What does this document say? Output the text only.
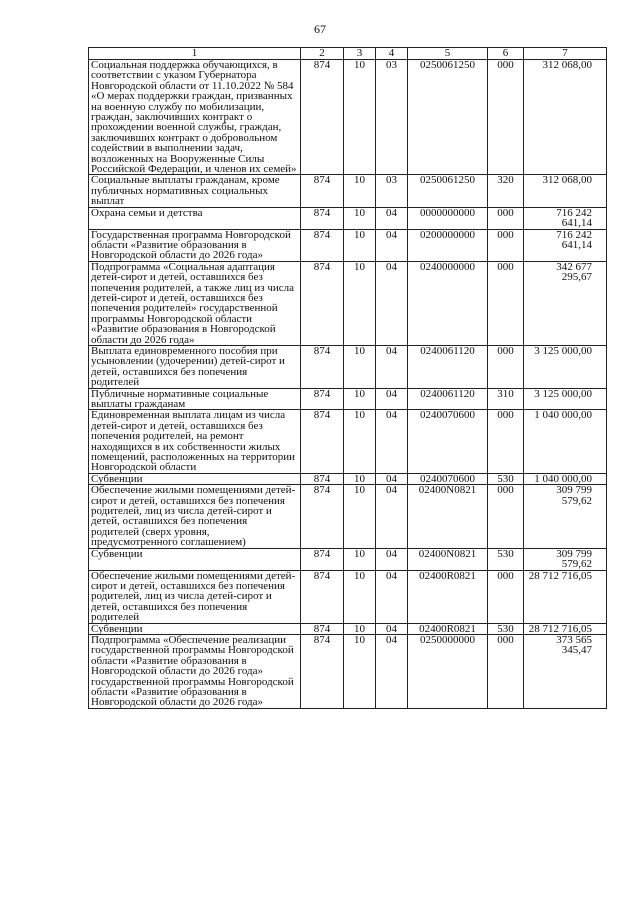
67
1	2	3	4	5	6	7
Социальная поддержка обучающихся, в соответствии с указом Губернатора Новгородской области от 11.10.2022 № 584 «О мерах поддержки граждан, призванных на военную службу по мобилизации, граждан, заключивших контракт о прохождении военной службы, граждан, заключивших контракт о добровольном содействии в выполнении задач, возложенных на Вооруженные Силы Российской Федерации, и членов их семей»	874	10	03	0250061250	000	312 068,00
Социальные выплаты гражданам, кроме публичных нормативных социальных выплат	874	10	03	0250061250	320	312 068,00
Охрана семьи и детства	874	10	04	0000000000	000	716 242 641,14
Государственная программа Новгородской области «Развитие образования в Новгородской области до 2026 года»	874	10	04	0200000000	000	716 242 641,14
Подпрограмма «Социальная адаптация детей-сирот и детей, оставшихся без попечения родителей, а также лиц из числа детей-сирот и детей, оставшихся без попечения родителей» государственной программы Новгородской области «Развитие образования в Новгородской области до 2026 года»	874	10	04	0240000000	000	342 677 295,67
Выплата единовременного пособия при усыновлении (удочерении) детей-сирот и детей, оставшихся без попечения родителей	874	10	04	0240061120	000	3 125 000,00
Публичные нормативные социальные выплаты гражданам	874	10	04	0240061120	310	3 125 000,00
Единовременная выплата лицам из числа детей-сирот и детей, оставшихся без попечения родителей, на ремонт находящихся в их собственности жилых помещений, расположенных на территории Новгородской области	874	10	04	0240070600	000	1 040 000,00
Субвенции	874	10	04	0240070600	530	1 040 000,00
Обеспечение жилыми помещениями детей-сирот и детей, оставшихся без попечения родителей, лиц из числа детей-сирот и детей, оставшихся без попечения родителей (сверх уровня, предусмотренного соглашением)	874	10	04	02400N0821	000	309 799 579,62
Субвенции	874	10	04	02400N0821	530	309 799 579,62
Обеспечение жилыми помещениями детей-сирот и детей, оставшихся без попечения родителей, лиц из числа детей-сирот и детей, оставшихся без попечения родителей	874	10	04	02400R0821	000	28 712 716,05
Субвенции	874	10	04	02400R0821	530	28 712 716,05
Подпрограмма «Обеспечение реализации государственной программы Новгородской области «Развитие образования в Новгородской области до 2026 года» государственной программы Новгородской области «Развитие образования в Новгородской области до 2026 года»	874	10	04	0250000000	000	373 565 345,47
